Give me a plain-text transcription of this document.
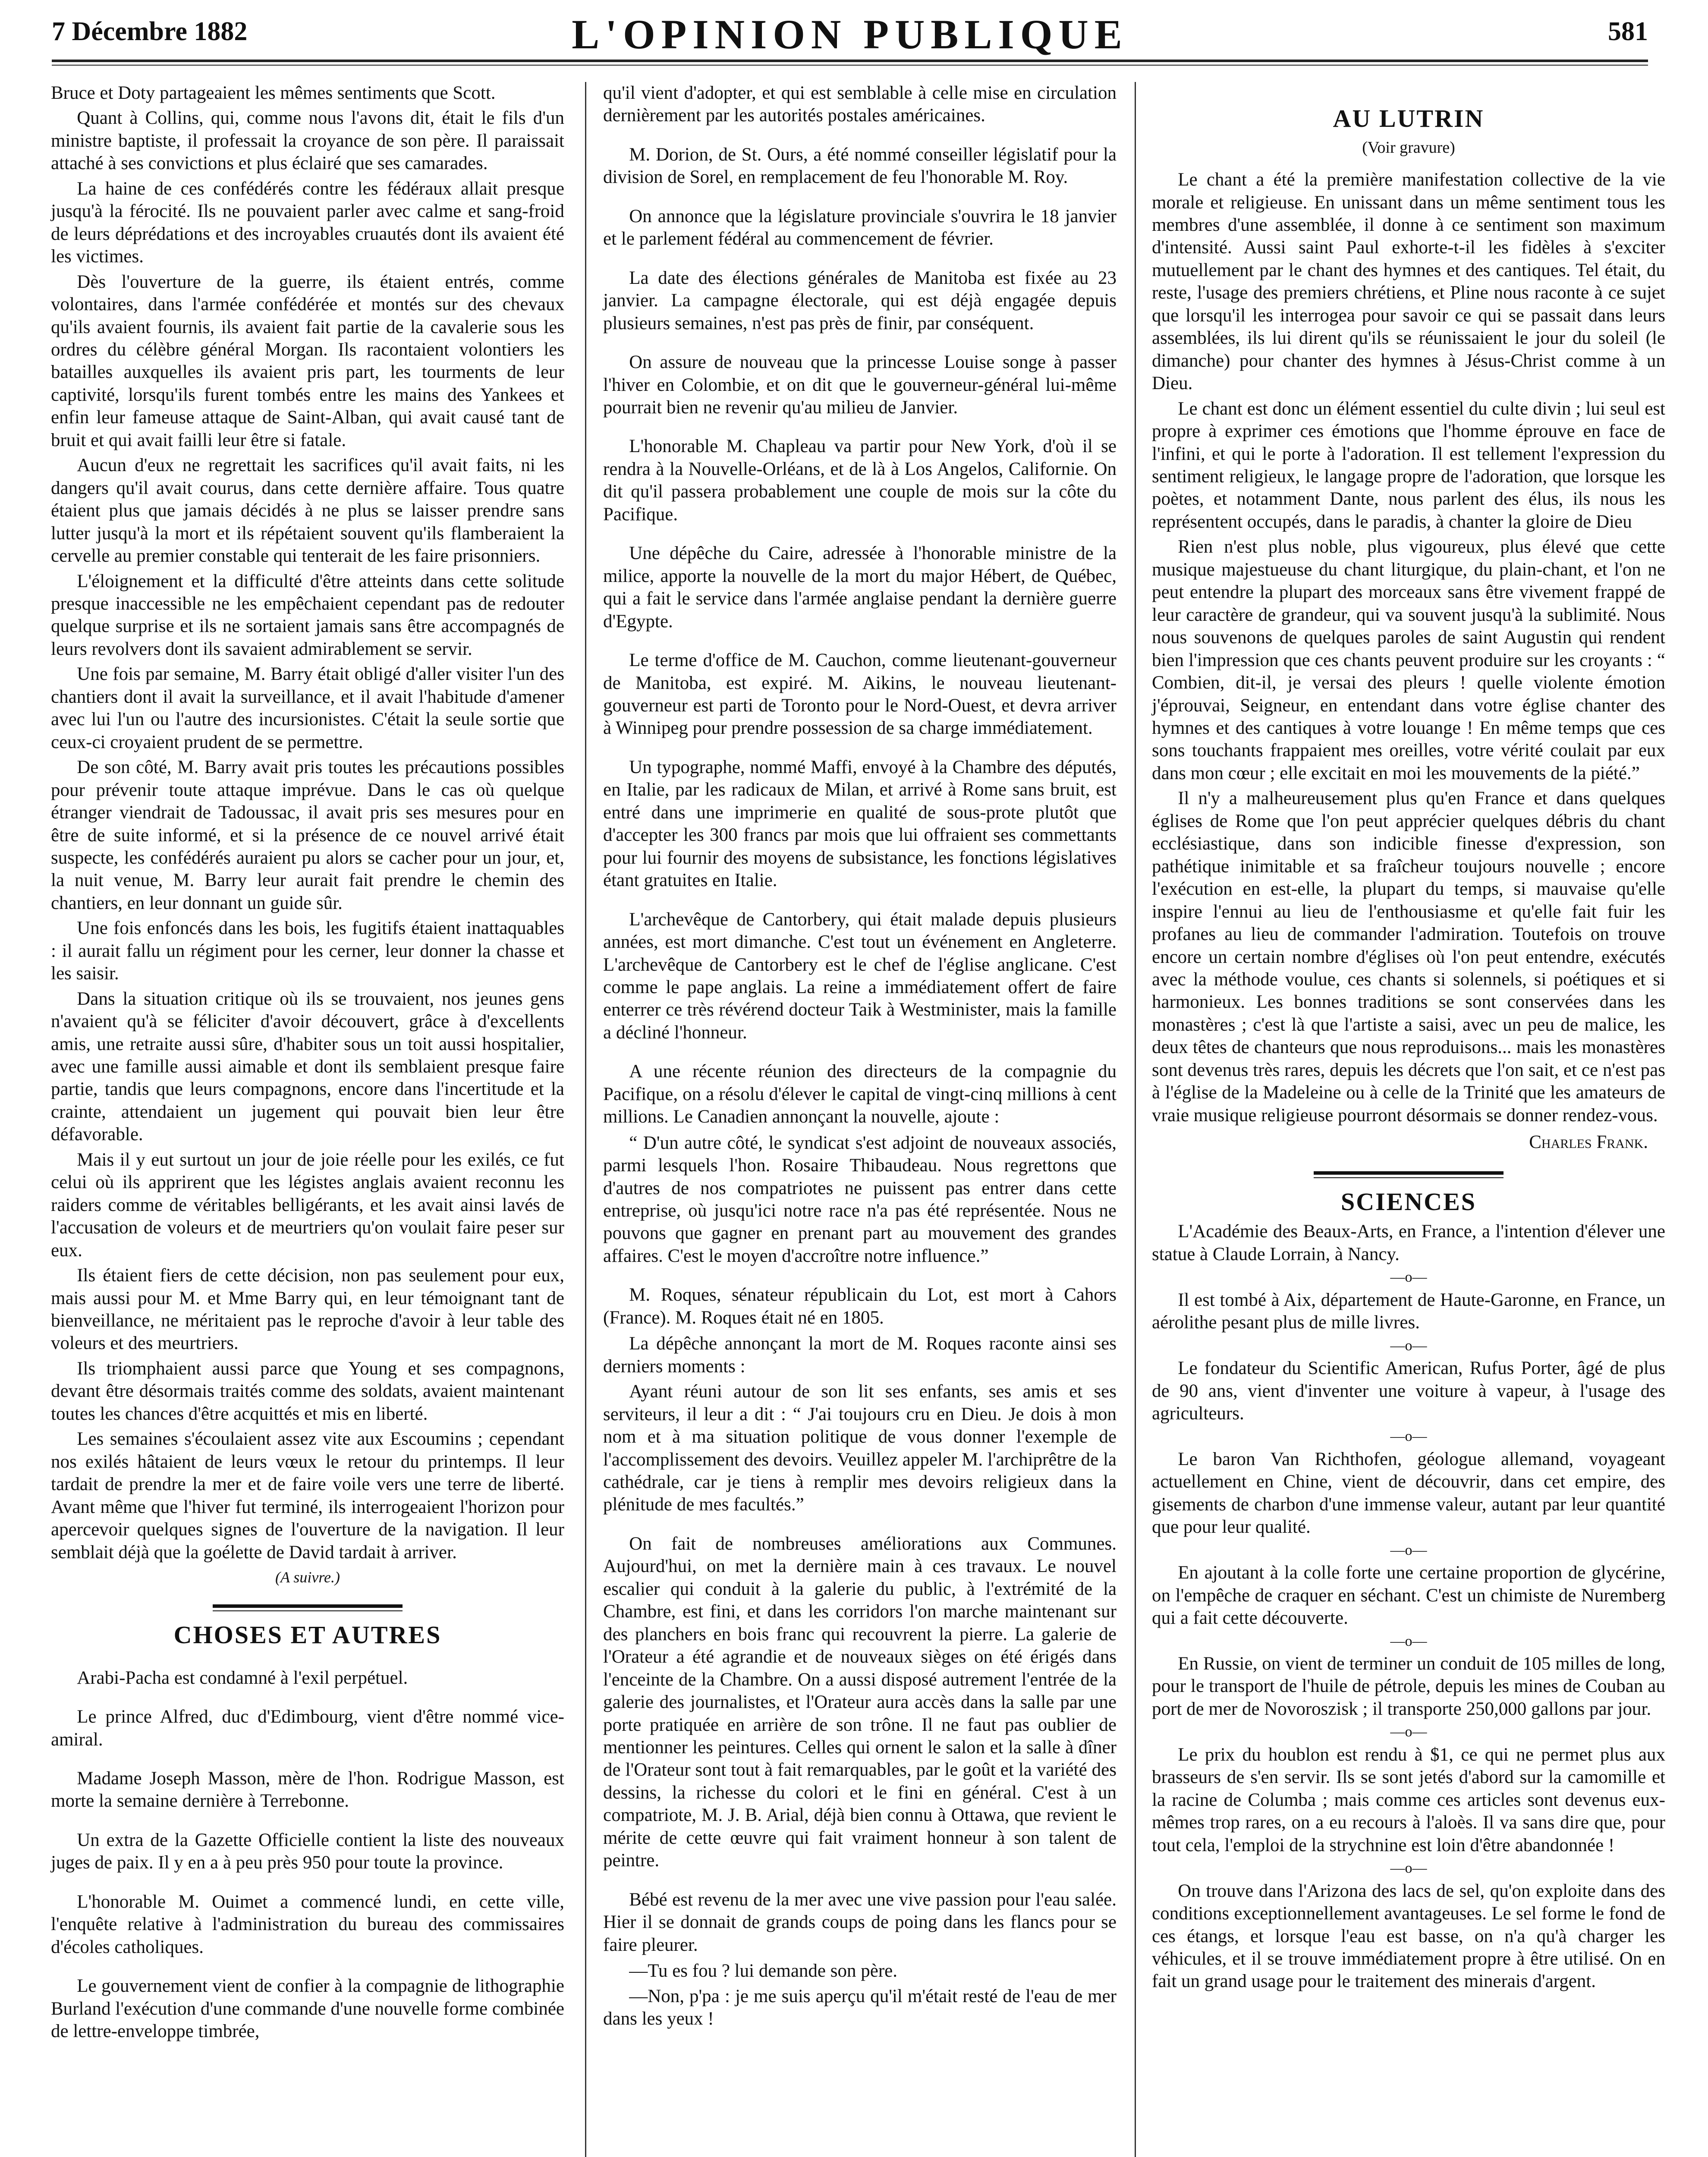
7 Décembre 1882	L'OPINION PUBLIQUE	581

Bruce et Doty partageaient les mêmes sentiments que Scott.

Quant à Collins, qui, comme nous l'avons dit, était le fils d'un ministre baptiste, il professait la croyance de son père. Il paraissait attaché à ses convictions et plus éclairé que ses camarades.

La haine de ces confédérés contre les fédéraux allait presque jusqu'à la férocité. Ils ne pouvaient parler avec calme et sang-froid de leurs déprédations et des incroyables cruautés dont ils avaient été les victimes.

Dès l'ouverture de la guerre, ils étaient entrés, comme volontaires, dans l'armée confédérée et montés sur des chevaux qu'ils avaient fournis, ils avaient fait partie de la cavalerie sous les ordres du célèbre général Morgan. Ils racontaient volontiers les batailles auxquelles ils avaient pris part, les tourments de leur captivité, lorsqu'ils furent tombés entre les mains des Yankees et enfin leur fameuse attaque de Saint-Alban, qui avait causé tant de bruit et qui avait failli leur être si fatale.

Aucun d'eux ne regrettait les sacrifices qu'il avait faits, ni les dangers qu'il avait courus, dans cette dernière affaire. Tous quatre étaient plus que jamais décidés à ne plus se laisser prendre sans lutter jusqu'à la mort et ils répétaient souvent qu'ils flamberaient la cervelle au premier constable qui tenterait de les faire prisonniers.

L'éloignement et la difficulté d'être atteints dans cette solitude presque inaccessible ne les empêchaient cependant pas de redouter quelque surprise et ils ne sortaient jamais sans être accompagnés de leurs revolvers dont ils savaient admirablement se servir.

Une fois par semaine, M. Barry était obligé d'aller visiter l'un des chantiers dont il avait la surveillance, et il avait l'habitude d'amener avec lui l'un ou l'autre des incursionistes. C'était la seule sortie que ceux-ci croyaient prudent de se permettre.

De son côté, M. Barry avait pris toutes les précautions possibles pour prévenir toute attaque imprévue. Dans le cas où quelque étranger viendrait de Tadoussac, il avait pris ses mesures pour en être de suite informé, et si la présence de ce nouvel arrivé était suspecte, les confédérés auraient pu alors se cacher pour un jour, et, la nuit venue, M. Barry leur aurait fait prendre le chemin des chantiers, en leur donnant un guide sûr.

Une fois enfoncés dans les bois, les fugitifs étaient inattaquables : il aurait fallu un régiment pour les cerner, leur donner la chasse et les saisir.

Dans la situation critique où ils se trouvaient, nos jeunes gens n'avaient qu'à se féliciter d'avoir découvert, grâce à d'excellents amis, une retraite aussi sûre, d'habiter sous un toit aussi hospitalier, avec une famille aussi aimable et dont ils semblaient presque faire partie, tandis que leurs compagnons, encore dans l'incertitude et la crainte, attendaient un jugement qui pouvait bien leur être défavorable.

Mais il y eut surtout un jour de joie réelle pour les exilés, ce fut celui où ils apprirent que les légistes anglais avaient reconnu les raiders comme de véritables belligérants, et les avait ainsi lavés de l'accusation de voleurs et de meurtriers qu'on voulait faire peser sur eux.

Ils étaient fiers de cette décision, non pas seulement pour eux, mais aussi pour M. et Mme Barry qui, en leur témoignant tant de bienveillance, ne méritaient pas le reproche d'avoir à leur table des voleurs et des meurtriers.

Ils triomphaient aussi parce que Young et ses compagnons, devant être désormais traités comme des soldats, avaient maintenant toutes les chances d'être acquittés et mis en liberté.

Les semaines s'écoulaient assez vite aux Escoumins ; cependant nos exilés hâtaient de leurs vœux le retour du printemps. Il leur tardait de prendre la mer et de faire voile vers une terre de liberté. Avant même que l'hiver fut terminé, ils interrogeaient l'horizon pour apercevoir quelques signes de l'ouverture de la navigation. Il leur semblait déjà que la goélette de David tardait à arriver.

(A suivre.)
CHOSES ET AUTRES

Arabi-Pacha est condamné à l'exil perpétuel.

Le prince Alfred, duc d'Edimbourg, vient d'être nommé vice-amiral.

Madame Joseph Masson, mère de l'hon. Rodrigue Masson, est morte la semaine dernière à Terrebonne.

Un extra de la Gazette Officielle contient la liste des nouveaux juges de paix. Il y en a à peu près 950 pour toute la province.

L'honorable M. Ouimet a commencé lundi, en cette ville, l'enquête relative à l'administration du bureau des commissaires d'écoles catholiques.

Le gouvernement vient de confier à la compagnie de lithographie Burland l'exécution d'une commande d'une nouvelle forme combinée de lettre-enveloppe timbrée,

qu'il vient d'adopter, et qui est semblable à celle mise en circulation dernièrement par les autorités postales américaines.

M. Dorion, de St. Ours, a été nommé conseiller législatif pour la division de Sorel, en remplacement de feu l'honorable M. Roy.

On annonce que la législature provinciale s'ouvrira le 18 janvier et le parlement fédéral au commencement de février.

La date des élections générales de Manitoba est fixée au 23 janvier. La campagne électorale, qui est déjà engagée depuis plusieurs semaines, n'est pas près de finir, par conséquent.

On assure de nouveau que la princesse Louise songe à passer l'hiver en Colombie, et on dit que le gouverneur-général lui-même pourrait bien ne revenir qu'au milieu de Janvier.

L'honorable M. Chapleau va partir pour New York, d'où il se rendra à la Nouvelle-Orléans, et de là à Los Angelos, Californie. On dit qu'il passera probablement une couple de mois sur la côte du Pacifique.

Une dépêche du Caire, adressée à l'honorable ministre de la milice, apporte la nouvelle de la mort du major Hébert, de Québec, qui a fait le service dans l'armée anglaise pendant la dernière guerre d'Egypte.

Le terme d'office de M. Cauchon, comme lieutenant-gouverneur de Manitoba, est expiré. M. Aikins, le nouveau lieutenant-gouverneur est parti de Toronto pour le Nord-Ouest, et devra arriver à Winnipeg pour prendre possession de sa charge immédiatement.

Un typographe, nommé Maffi, envoyé à la Chambre des députés, en Italie, par les radicaux de Milan, et arrivé à Rome sans bruit, est entré dans une imprimerie en qualité de sous-prote plutôt que d'accepter les 300 francs par mois que lui offraient ses commettants pour lui fournir des moyens de subsistance, les fonctions législatives étant gratuites en Italie.

L'archevêque de Cantorbery, qui était malade depuis plusieurs années, est mort dimanche. C'est tout un événement en Angleterre. L'archevêque de Cantorbery est le chef de l'église anglicane. C'est comme le pape anglais. La reine a immédiatement offert de faire enterrer ce très révérend docteur Taik à Westminister, mais la famille a décliné l'honneur.

A une récente réunion des directeurs de la compagnie du Pacifique, on a résolu d'élever le capital de vingt-cinq millions à cent millions. Le Canadien annonçant la nouvelle, ajoute :

“ D'un autre côté, le syndicat s'est adjoint de nouveaux associés, parmi lesquels l'hon. Rosaire Thibaudeau. Nous regrettons que d'autres de nos compatriotes ne puissent pas entrer dans cette entreprise, où jusqu'ici notre race n'a pas été représentée. Nous ne pouvons que gagner en prenant part au mouvement des grandes affaires. C'est le moyen d'accroître notre influence.”

M. Roques, sénateur républicain du Lot, est mort à Cahors (France). M. Roques était né en 1805.

La dépêche annonçant la mort de M. Roques raconte ainsi ses derniers moments :

Ayant réuni autour de son lit ses enfants, ses amis et ses serviteurs, il leur a dit : “ J'ai toujours cru en Dieu. Je dois à mon nom et à ma situation politique de vous donner l'exemple de l'accomplissement des devoirs. Veuillez appeler M. l'archiprêtre de la cathédrale, car je tiens à remplir mes devoirs religieux dans la plénitude de mes facultés.”

On fait de nombreuses améliorations aux Communes. Aujourd'hui, on met la dernière main à ces travaux. Le nouvel escalier qui conduit à la galerie du public, à l'extrémité de la Chambre, est fini, et dans les corridors l'on marche maintenant sur des planchers en bois franc qui recouvrent la pierre. La galerie de l'Orateur a été agrandie et de nouveaux sièges on été érigés dans l'enceinte de la Chambre. On a aussi disposé autrement l'entrée de la galerie des journalistes, et l'Orateur aura accès dans la salle par une porte pratiquée en arrière de son trône. Il ne faut pas oublier de mentionner les peintures. Celles qui ornent le salon et la salle à dîner de l'Orateur sont tout à fait remarquables, par le goût et la variété des dessins, la richesse du colori et le fini en général. C'est à un compatriote, M. J. B. Arial, déjà bien connu à Ottawa, que revient le mérite de cette œuvre qui fait vraiment honneur à son talent de peintre.

Bébé est revenu de la mer avec une vive passion pour l'eau salée. Hier il se donnait de grands coups de poing dans les flancs pour se faire pleurer.

—Tu es fou ? lui demande son père.

—Non, p'pa : je me suis aperçu qu'il m'était resté de l'eau de mer dans les yeux !

AU LUTRIN
(Voir gravure)

Le chant a été la première manifestation collective de la vie morale et religieuse. En unissant dans un même sentiment tous les membres d'une assemblée, il donne à ce sentiment son maximum d'intensité. Aussi saint Paul exhorte-t-il les fidèles à s'exciter mutuellement par le chant des hymnes et des cantiques. Tel était, du reste, l'usage des premiers chrétiens, et Pline nous raconte à ce sujet que lorsqu'il les interrogea pour savoir ce qui se passait dans leurs assemblées, ils lui dirent qu'ils se réunissaient le jour du soleil (le dimanche) pour chanter des hymnes à Jésus-Christ comme à un Dieu.

Le chant est donc un élément essentiel du culte divin ; lui seul est propre à exprimer ces émotions que l'homme éprouve en face de l'infini, et qui le porte à l'adoration. Il est tellement l'expression du sentiment religieux, le langage propre de l'adoration, que lorsque les poètes, et notamment Dante, nous parlent des élus, ils nous les représentent occupés, dans le paradis, à chanter la gloire de Dieu

Rien n'est plus noble, plus vigoureux, plus élevé que cette musique majestueuse du chant liturgique, du plain-chant, et l'on ne peut entendre la plupart des morceaux sans être vivement frappé de leur caractère de grandeur, qui va souvent jusqu'à la sublimité. Nous nous souvenons de quelques paroles de saint Augustin qui rendent bien l'impression que ces chants peuvent produire sur les croyants : “ Combien, dit-il, je versai des pleurs ! quelle violente émotion j'éprouvai, Seigneur, en entendant dans votre église chanter des hymnes et des cantiques à votre louange ! En même temps que ces sons touchants frappaient mes oreilles, votre vérité coulait par eux dans mon cœur ; elle excitait en moi les mouvements de la piété.”

Il n'y a malheureusement plus qu'en France et dans quelques églises de Rome que l'on peut apprécier quelques débris du chant ecclésiastique, dans son indicible finesse d'expression, son pathétique inimitable et sa fraîcheur toujours nouvelle ; encore l'exécution en est-elle, la plupart du temps, si mauvaise qu'elle inspire l'ennui au lieu de l'enthousiasme et qu'elle fait fuir les profanes au lieu de commander l'admiration. Toutefois on trouve encore un certain nombre d'églises où l'on peut entendre, exécutés avec la méthode voulue, ces chants si solennels, si poétiques et si harmonieux. Les bonnes traditions se sont conservées dans les monastères ; c'est là que l'artiste a saisi, avec un peu de malice, les deux têtes de chanteurs que nous reproduisons... mais les monastères sont devenus très rares, depuis les décrets que l'on sait, et ce n'est pas à l'église de la Madeleine ou à celle de la Trinité que les amateurs de vraie musique religieuse pourront désormais se donner rendez-vous.

Charles Frank.
SCIENCES

L'Académie des Beaux-Arts, en France, a l'intention d'élever une statue à Claude Lorrain, à Nancy.

—o—

Il est tombé à Aix, département de Haute-Garonne, en France, un aérolithe pesant plus de mille livres.

—o—

Le fondateur du Scientific American, Rufus Porter, âgé de plus de 90 ans, vient d'inventer une voiture à vapeur, à l'usage des agriculteurs.

—o—

Le baron Van Richthofen, géologue allemand, voyageant actuellement en Chine, vient de découvrir, dans cet empire, des gisements de charbon d'une immense valeur, autant par leur quantité que pour leur qualité.

—o—

En ajoutant à la colle forte une certaine proportion de glycérine, on l'empêche de craquer en séchant. C'est un chimiste de Nuremberg qui a fait cette découverte.

—o—

En Russie, on vient de terminer un conduit de 105 milles de long, pour le transport de l'huile de pétrole, depuis les mines de Couban au port de mer de Novoroszisk ; il transporte 250,000 gallons par jour.

—o—

Le prix du houblon est rendu à $1, ce qui ne permet plus aux brasseurs de s'en servir. Ils se sont jetés d'abord sur la camomille et la racine de Columba ; mais comme ces articles sont devenus eux-mêmes trop rares, on a eu recours à l'aloès. Il va sans dire que, pour tout cela, l'emploi de la strychnine est loin d'être abandonnée !

—o—

On trouve dans l'Arizona des lacs de sel, qu'on exploite dans des conditions exceptionnellement avantageuses. Le sel forme le fond de ces étangs, et lorsque l'eau est basse, on n'a qu'à charger les véhicules, et il se trouve immédiatement propre à être utilisé. On en fait un grand usage pour le traitement des minerais d'argent.
